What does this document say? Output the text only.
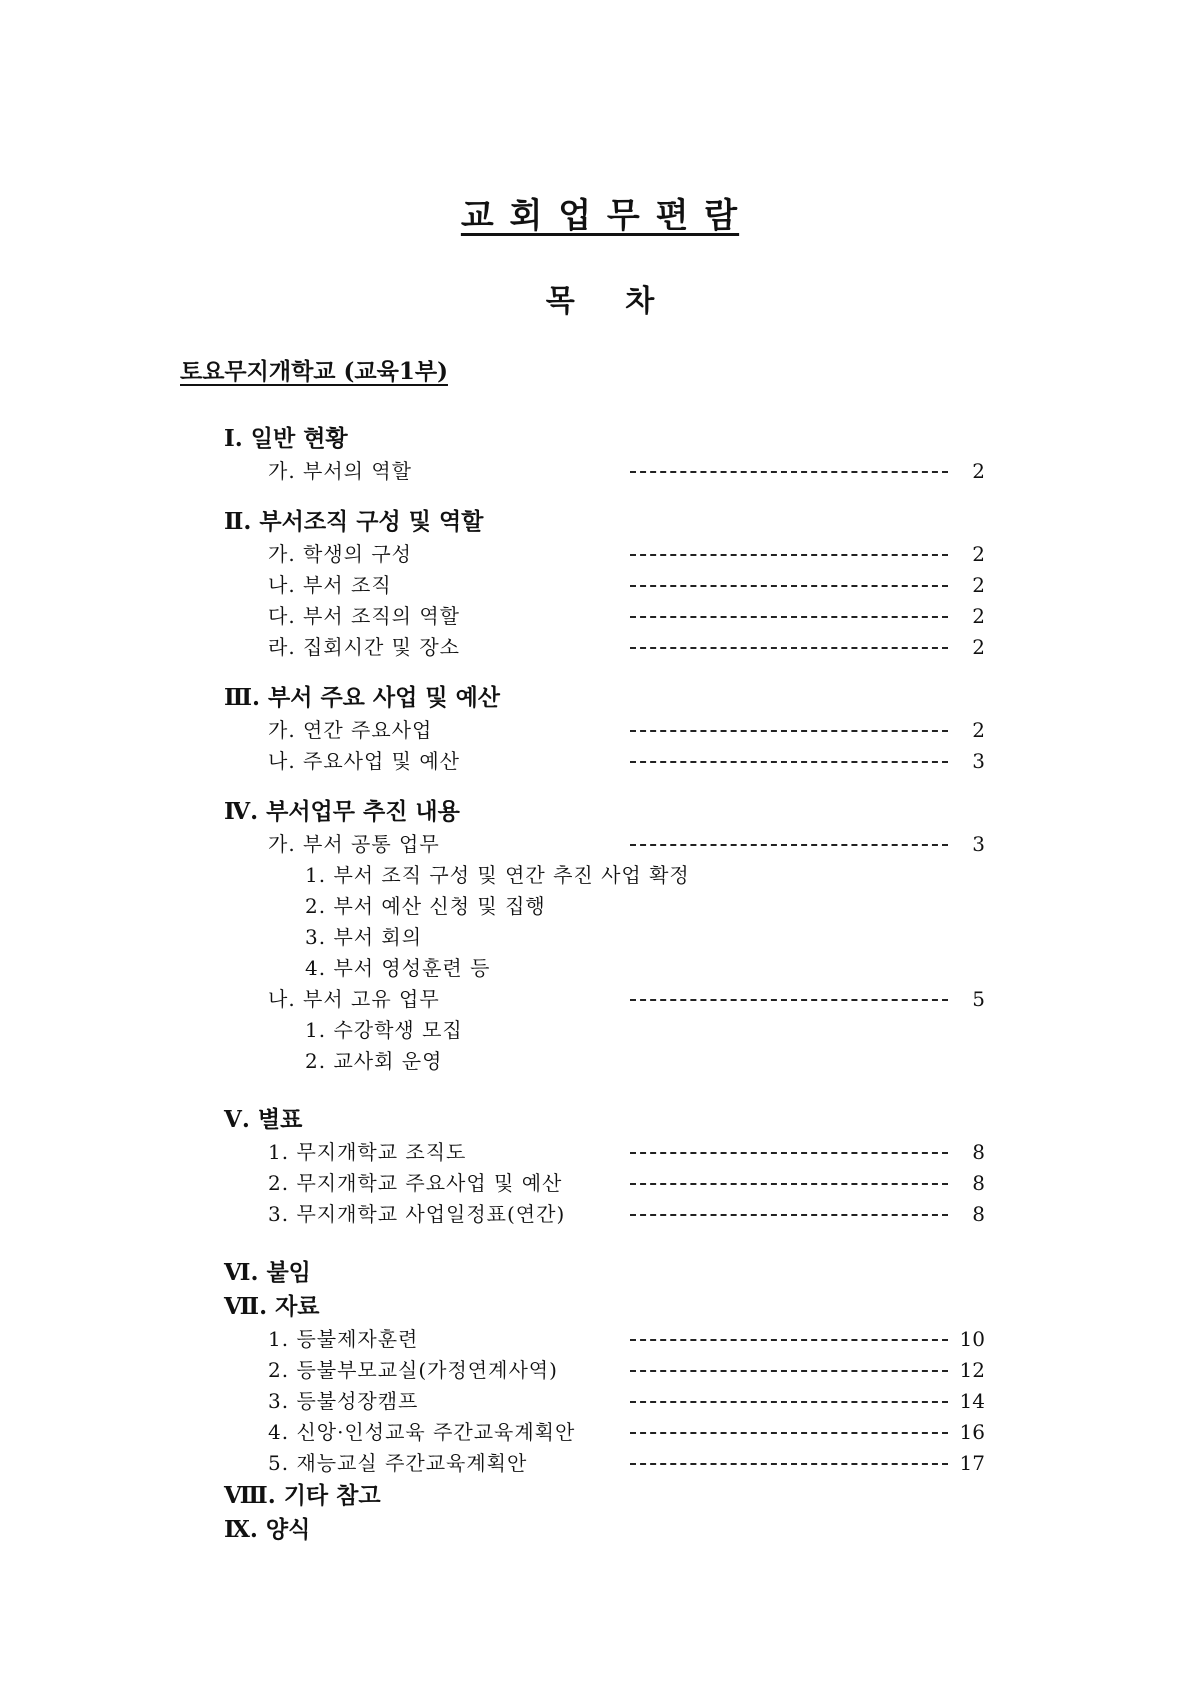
교 회 업 무 편 람
목 차
토요무지개학교 (교육1부)
Ⅰ. 일반 현황
가. 부서의 역할	2
Ⅱ. 부서조직 구성 및 역할
가. 학생의 구성	2
나. 부서 조직	2
다. 부서 조직의 역할	2
라. 집회시간 및 장소	2
Ⅲ. 부서 주요 사업 및 예산
가. 연간 주요사업	2
나. 주요사업 및 예산	3
Ⅳ. 부서업무 추진 내용
가. 부서 공통 업무	3
1. 부서 조직 구성 및 연간 추진 사업 확정
2. 부서 예산 신청 및 집행
3. 부서 회의
4. 부서 영성훈련 등
나. 부서 고유 업무	5
1. 수강학생 모집
2. 교사회 운영
Ⅴ. 별표
1. 무지개학교 조직도	8
2. 무지개학교 주요사업 및 예산	8
3. 무지개학교 사업일정표(연간)	8
Ⅵ. 붙임
Ⅶ. 자료
1. 등불제자훈련	10
2. 등불부모교실(가정연계사역)	12
3. 등불성장캠프	14
4. 신앙·인성교육 주간교육계획안	16
5. 재능교실 주간교육계획안	17
Ⅷ. 기타 참고
Ⅸ. 양식
